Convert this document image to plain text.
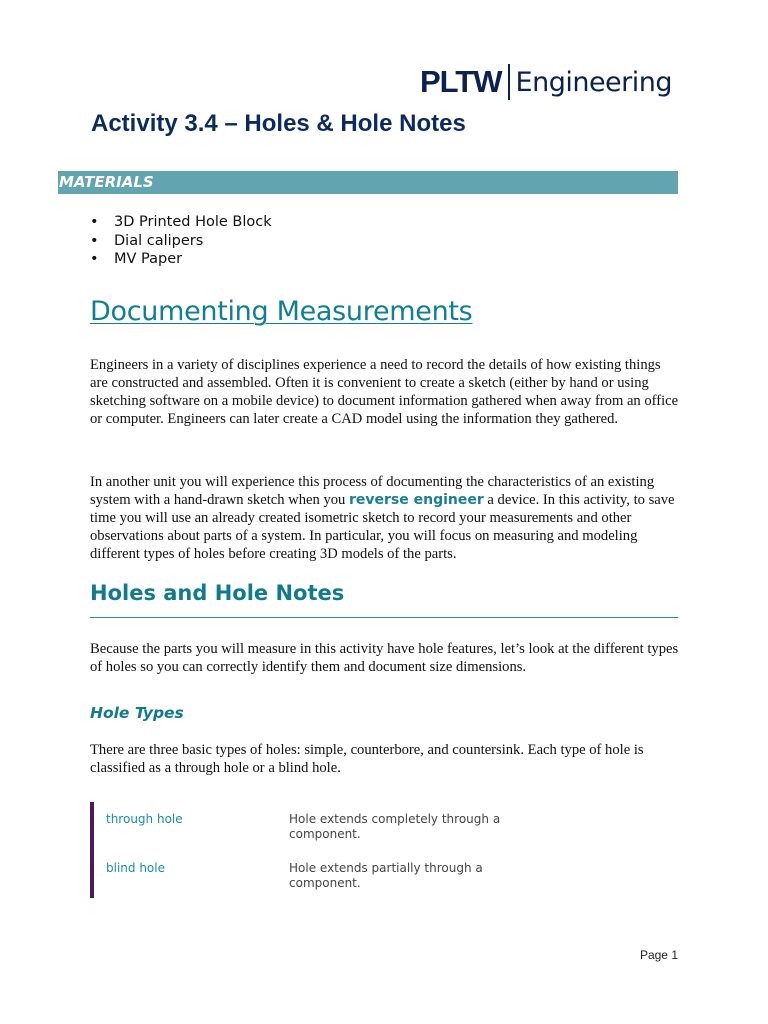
PLTW Engineering
Activity 3.4 – Holes & Hole Notes
MATERIALS
•	3D Printed Hole Block
•	Dial calipers
•	MV Paper
Documenting Measurements

Engineers in a variety of disciplines experience a need to record the details of how existing things are constructed and assembled. Often it is convenient to create a sketch (either by hand or using sketching software on a mobile device) to document information gathered when away from an office or computer. Engineers can later create a CAD model using the information they gathered.

In another unit you will experience this process of documenting the characteristics of an existing system with a hand-drawn sketch when you reverse engineer a device. In this activity, to save time you will use an already created isometric sketch to record your measurements and other observations about parts of a system. In particular, you will focus on measuring and modeling different types of holes before creating 3D models of the parts.

Holes and Hole Notes

Because the parts you will measure in this activity have hole features, let’s look at the different types of holes so you can correctly identify them and document size dimensions.

Hole Types

There are three basic types of holes: simple, counterbore, and countersink. Each type of hole is classified as a through hole or a blind hole.

through hole	Hole extends completely through a component.
blind hole	Hole extends partially through a component.
Page 1
